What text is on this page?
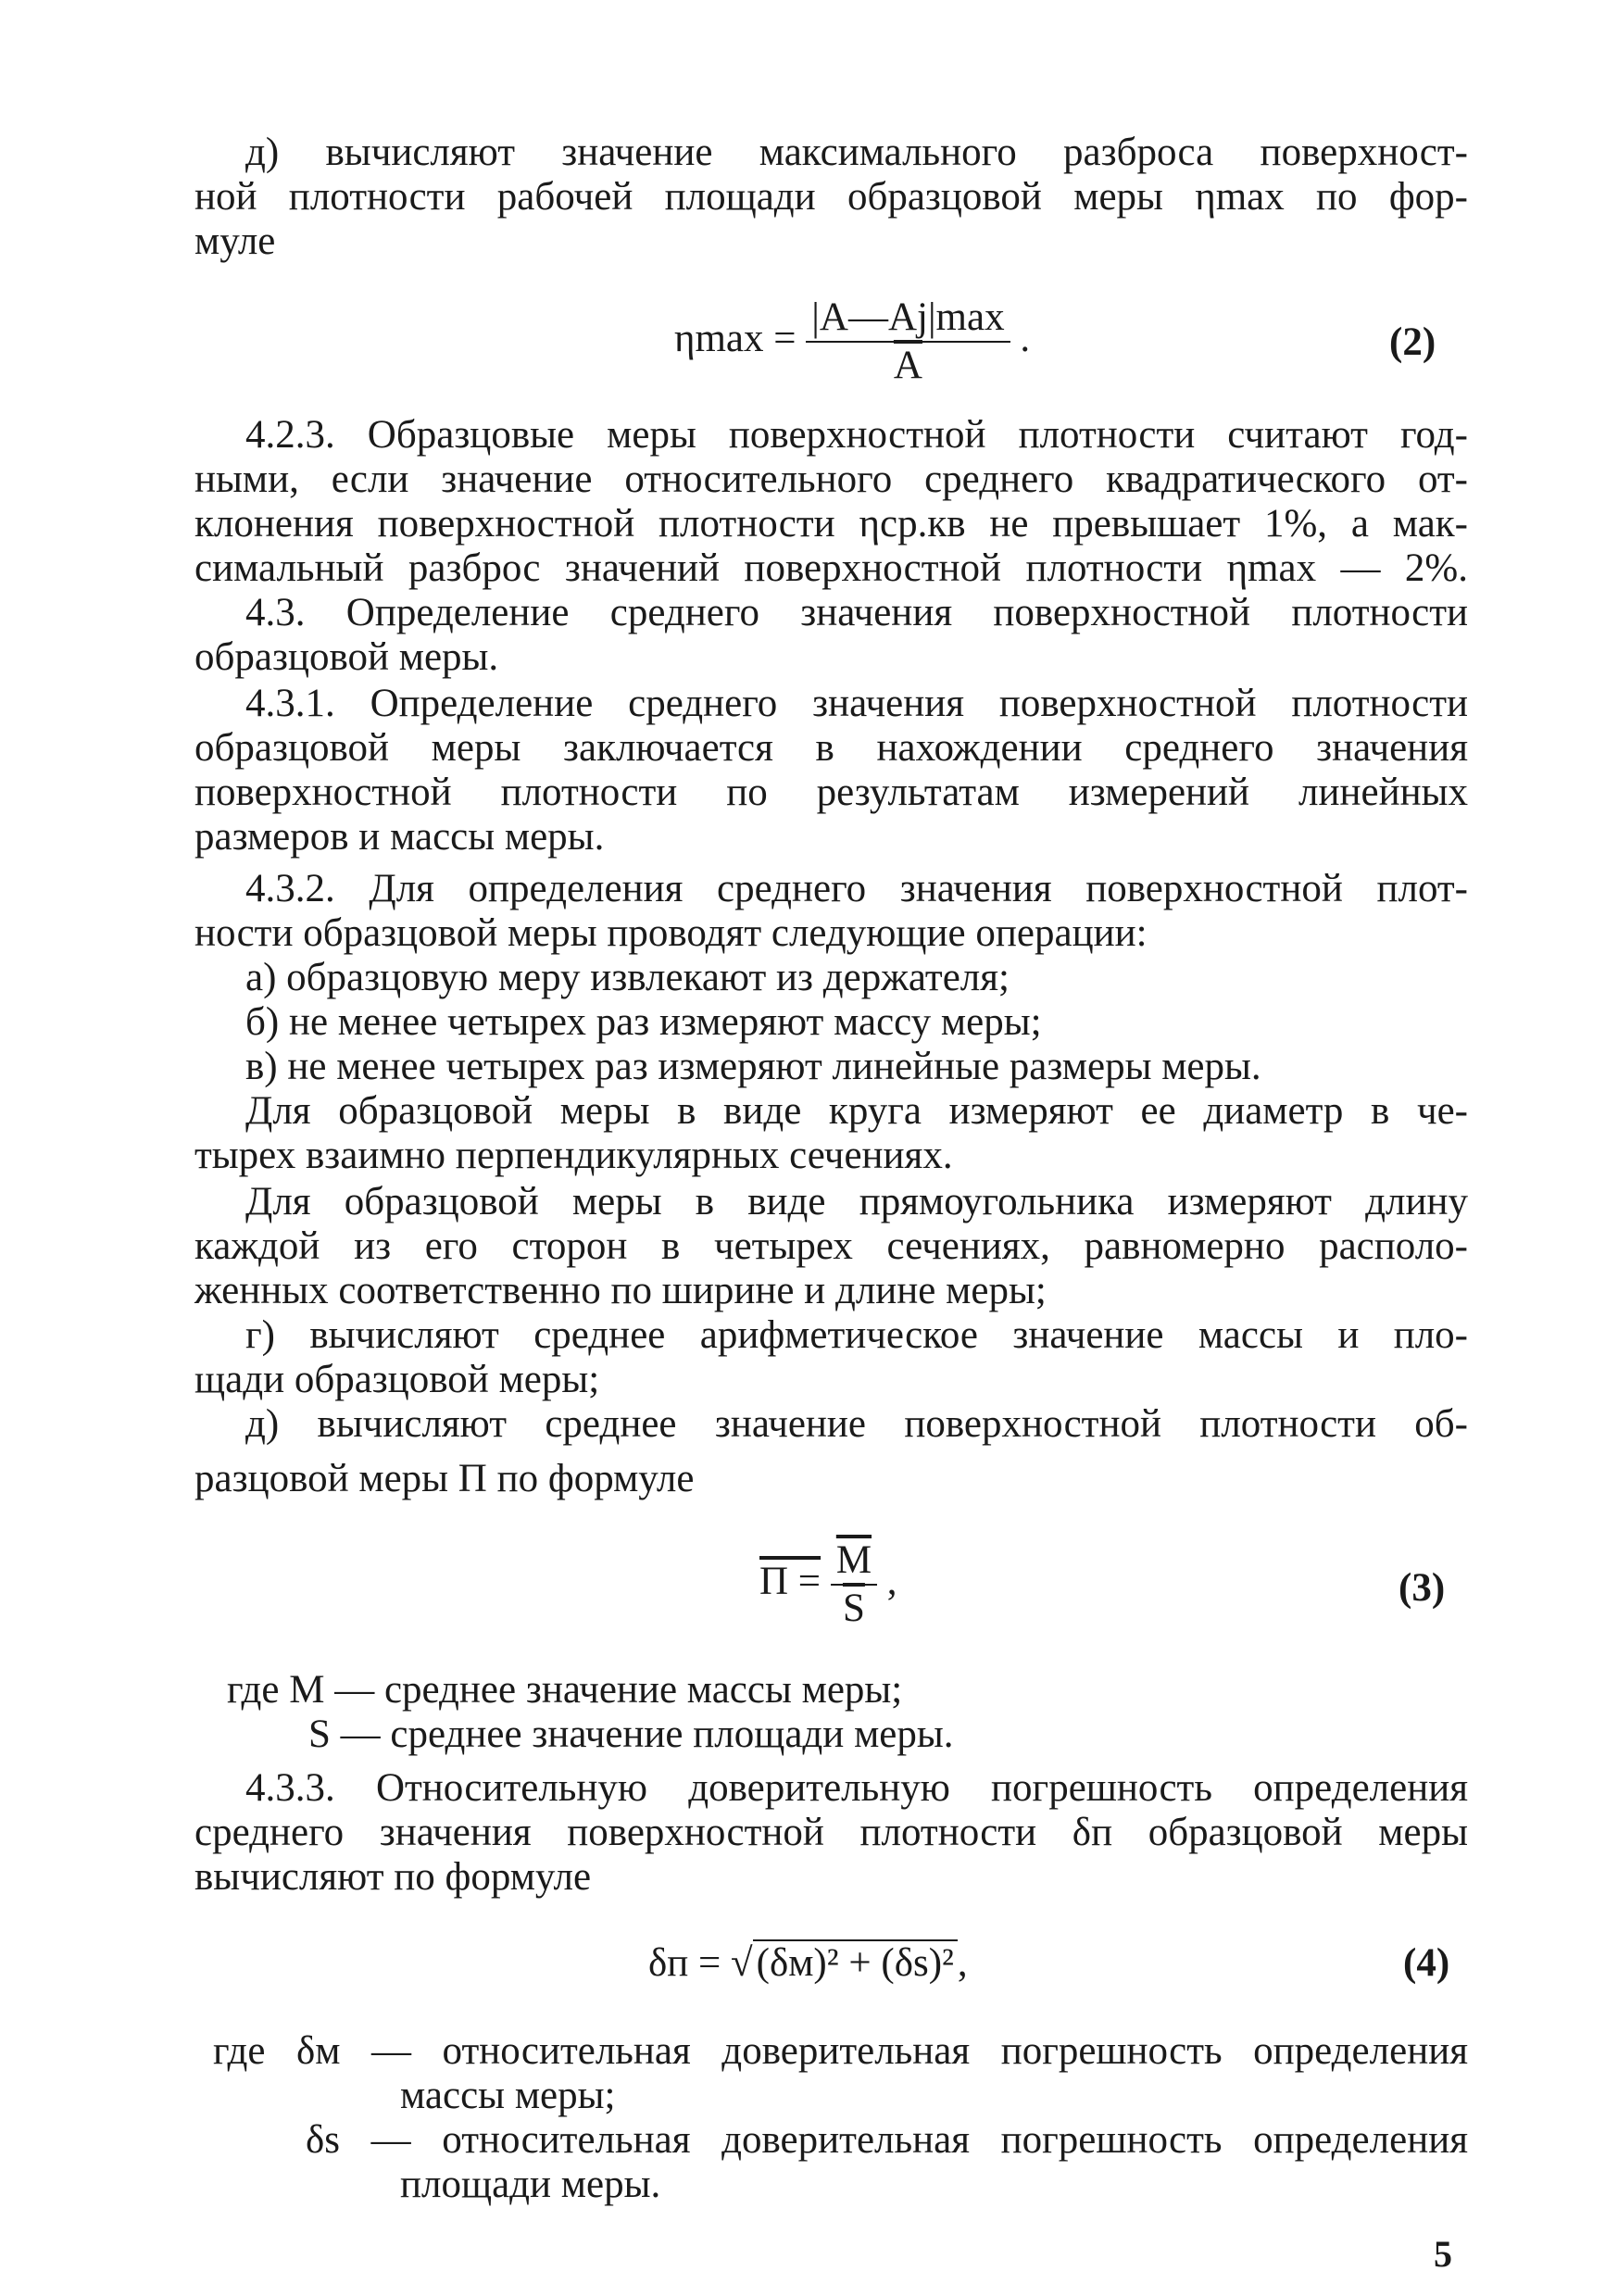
д) вычисляют значение максимального разброса поверхност-
ной плотности рабочей площади образцовой меры ηmax по фор-
муле
$\eta\max = \frac{|A—Aj|\max}{A}$ .	(2)
4.2.3. Образцовые меры поверхностной плотности считают год-
ными, если значение относительного среднего квадратического от-
клонения поверхностной плотности ηср.кв не превышает 1%, а мак-
симальный разброс значений поверхностной плотности ηmax — 2%.
4.3. Определение среднего значения поверхностной плотности
образцовой меры.
4.3.1. Определение среднего значения поверхностной плотности
образцовой меры заключается в нахождении среднего значения
поверхностной плотности по результатам измерений линейных
размеров и массы меры.
4.3.2. Для определения среднего значения поверхностной плот-
ности образцовой меры проводят следующие операции:
а) образцовую меру извлекают из держателя;
б) не менее четырех раз измеряют массу меры;
в) не менее четырех раз измеряют линейные размеры меры.
Для образцовой меры в виде круга измеряют ее диаметр в че-
тырех взаимно перпендикулярных сечениях.
Для образцовой меры в виде прямоугольника измеряют длину
каждой из его сторон в четырех сечениях, равномерно располо-
женных соответственно по ширине и длине меры;
г) вычисляют среднее арифметическое значение массы и пло-
щади образцовой меры;
д) вычисляют среднее значение поверхностной плотности об-
разцовой меры П по формуле
$П = \frac{\overline{M}}{S}$ ,	(3)
где M — среднее значение массы меры;
S — среднее значение площади меры.
4.3.3. Относительную доверительную погрешность определения
среднего значения поверхностной плотности δп образцовой меры
вычисляют по формуле
δп = √(δм)² + (δs)²,	(4)
где δм — относительная доверительная погрешность определения
массы меры;
δs — относительная доверительная погрешность определения
площади меры.
5
